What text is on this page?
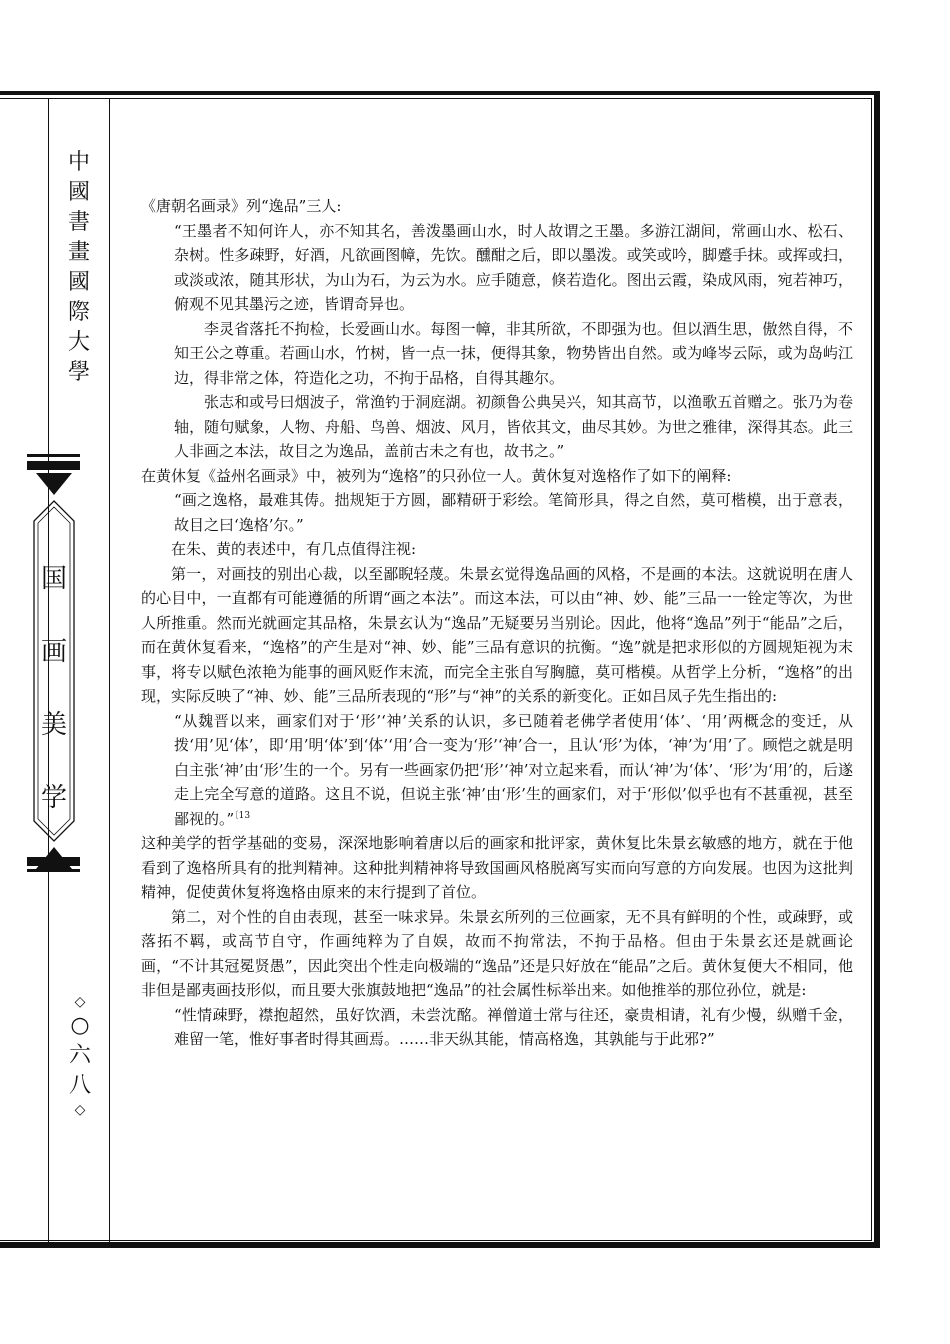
中
國
書
畫
國
際
大
學
国
画
美
学
◇
○
六
八
◇

《唐朝名画录》列“逸品”三人:

“王墨者不知何许人，亦不知其名，善泼墨画山水，时人故谓之王墨。多游江湖间，常画山水、松石、杂树。性多疎野，好酒，凡欲画图幛，先饮。醺酣之后，即以墨泼。或笑或吟，脚蹙手抹。或挥或扫，或淡或浓，随其形状，为山为石，为云为水。应手随意，倏若造化。图出云霞，染成风雨，宛若神巧，俯观不见其墨污之迹，皆谓奇异也。

李灵省落托不拘检，长爱画山水。每图一幛，非其所欲，不即强为也。但以酒生思，傲然自得，不知王公之尊重。若画山水，竹树，皆一点一抹，便得其象，物势皆出自然。或为峰岑云际，或为岛屿江边，得非常之体，符造化之功，不拘于品格，自得其趣尔。

张志和或号曰烟波子，常渔钓于洞庭湖。初颜鲁公典吴兴，知其高节，以渔歌五首赠之。张乃为卷轴，随句赋象，人物、舟船、鸟兽、烟波、风月，皆依其文，曲尽其妙。为世之雅律，深得其态。此三人非画之本法，故目之为逸品，盖前古未之有也，故书之。”

在黄休复《益州名画录》中，被列为“逸格”的只孙位一人。黄休复对逸格作了如下的阐释:

“画之逸格，最难其俦。拙规矩于方圆，鄙精研于彩绘。笔简形具，得之自然，莫可楷模，出于意表，故目之曰‘逸格’尔。”

在朱、黄的表述中，有几点值得注视:

第一，对画技的别出心裁，以至鄙睨轻蔑。朱景玄觉得逸品画的风格，不是画的本法。这就说明在唐人的心目中，一直都有可能遵循的所谓“画之本法”。而这本法，可以由“神、妙、能”三品一一铨定等次，为世人所推重。然而光就画定其品格，朱景玄认为“逸品”无疑要另当别论。因此，他将“逸品”列于“能品”之后，而在黄休复看来，“逸格”的产生是对“神、妙、能”三品有意识的抗衡。“逸”就是把求形似的方圆规矩视为末事，将专以赋色浓艳为能事的画风贬作末流，而完全主张自写胸臆，莫可楷模。从哲学上分析，“逸格”的出现，实际反映了“神、妙、能”三品所表现的“形”与“神”的关系的新变化。正如吕凤子先生指出的:

“从魏晋以来，画家们对于‘形’‘神’关系的认识，多已随着老佛学者使用‘体’、‘用’两概念的变迁，从拨‘用’见‘体’，即‘用’明‘体’到‘体’‘用’合一变为‘形’‘神’合一，且认‘形’为体，‘神’为‘用’了。顾恺之就是明白主张‘神’由‘形’生的一个。另有一些画家仍把‘形’‘神’对立起来看，而认‘神’为‘体’、‘形’为‘用’的，后遂走上完全写意的道路。这且不说，但说主张‘神’由‘形’生的画家们，对于‘形似’似乎也有不甚重视，甚至鄙视的。”$^{〔13}$

这种美学的哲学基础的变易，深深地影响着唐以后的画家和批评家，黄休复比朱景玄敏感的地方，就在于他看到了逸格所具有的批判精神。这种批判精神将导致国画风格脱离写实而向写意的方向发展。也因为这批判精神，促使黄休复将逸格由原来的末行提到了首位。

第二，对个性的自由表现，甚至一味求异。朱景玄所列的三位画家，无不具有鲜明的个性，或疎野，或落拓不羁，或高节自守，作画纯粹为了自娱，故而不拘常法，不拘于品格。但由于朱景玄还是就画论画，“不计其冠冕贤愚”，因此突出个性走向极端的“逸品”还是只好放在“能品”之后。黄休复便大不相同，他非但是鄙夷画技形似，而且要大张旗鼓地把“逸品”的社会属性标举出来。如他推举的那位孙位，就是:

“性情疎野，襟抱超然，虽好饮酒，未尝沈酩。禅僧道士常与往还，豪贵相请，礼有少慢，纵赠千金，难留一笔，惟好事者时得其画焉。……非天纵其能，情高格逸，其孰能与于此邪?”
